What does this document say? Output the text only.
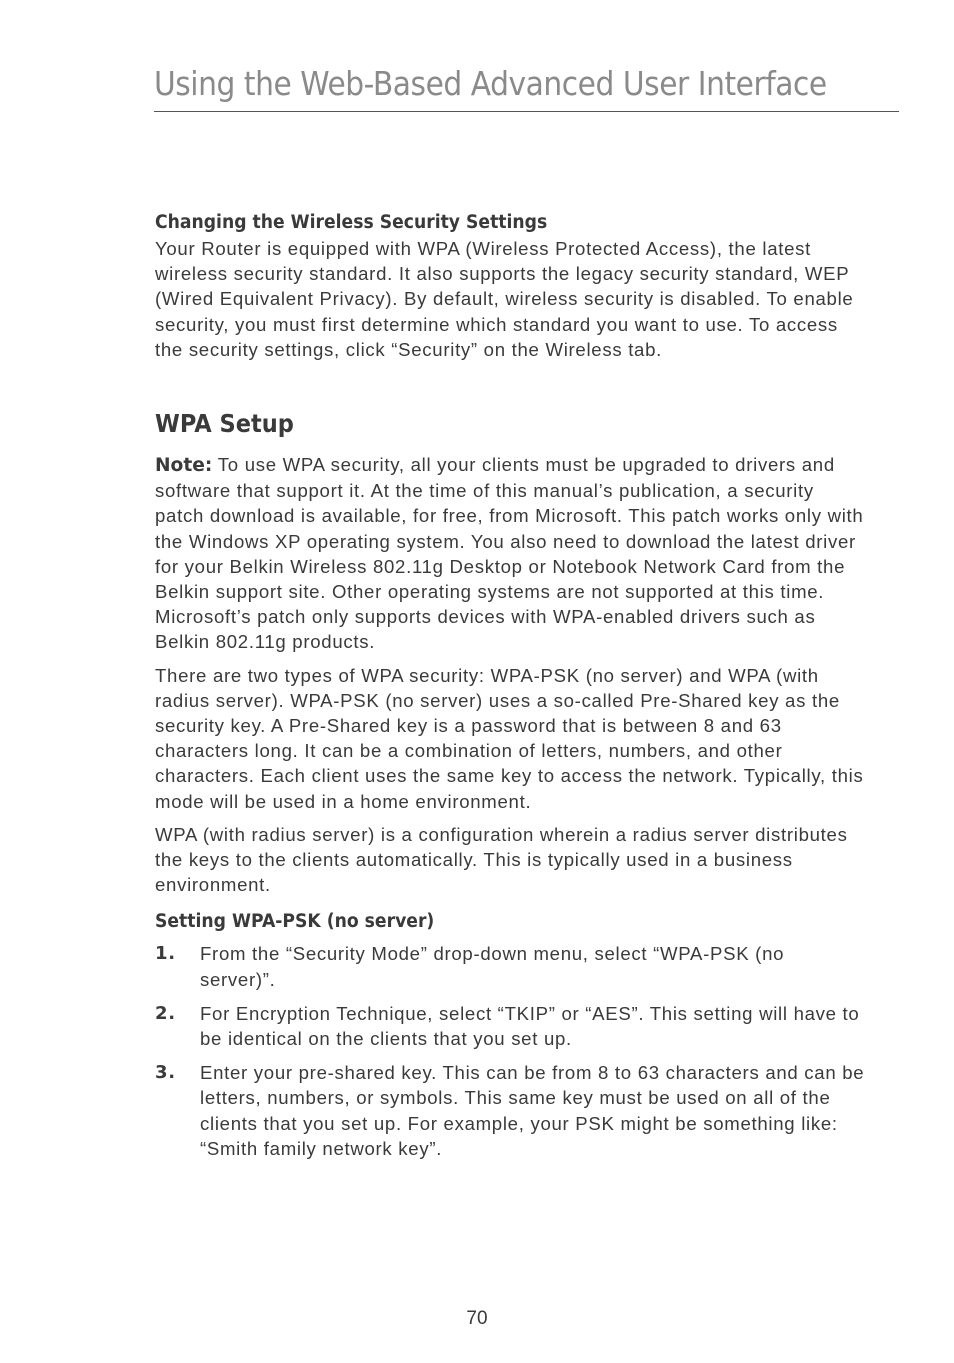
Using the Web-Based Advanced User Interface
Changing the Wireless Security Settings

Your Router is equipped with WPA (Wireless Protected Access), the latest wireless security standard. It also supports the legacy security standard, WEP (Wired Equivalent Privacy). By default, wireless security is disabled. To enable security, you must first determine which standard you want to use. To access the security settings, click “Security” on the Wireless tab.

WPA Setup

Note: To use WPA security, all your clients must be upgraded to drivers and software that support it. At the time of this manual’s publication, a security patch download is available, for free, from Microsoft. This patch works only with the Windows XP operating system. You also need to download the latest driver for your Belkin Wireless 802.11g Desktop or Notebook Network Card from the Belkin support site. Other operating systems are not supported at this time. Microsoft’s patch only supports devices with WPA-enabled drivers such as Belkin 802.11g products.

There are two types of WPA security: WPA-PSK (no server) and WPA (with radius server). WPA-PSK (no server) uses a so-called Pre-Shared key as the security key. A Pre-Shared key is a password that is between 8 and 63 characters long. It can be a combination of letters, numbers, and other characters. Each client uses the same key to access the network. Typically, this mode will be used in a home environment.

WPA (with radius server) is a configuration wherein a radius server distributes the keys to the clients automatically. This is typically used in a business environment.

Setting WPA-PSK (no server)
1. From the “Security Mode” drop-down menu, select “WPA-PSK (no server)”.
2. For Encryption Technique, select “TKIP” or “AES”. This setting will have to be identical on the clients that you set up.
3. Enter your pre-shared key. This can be from 8 to 63 characters and can be letters, numbers, or symbols. This same key must be used on all of the clients that you set up. For example, your PSK might be something like: “Smith family network key”.
70
